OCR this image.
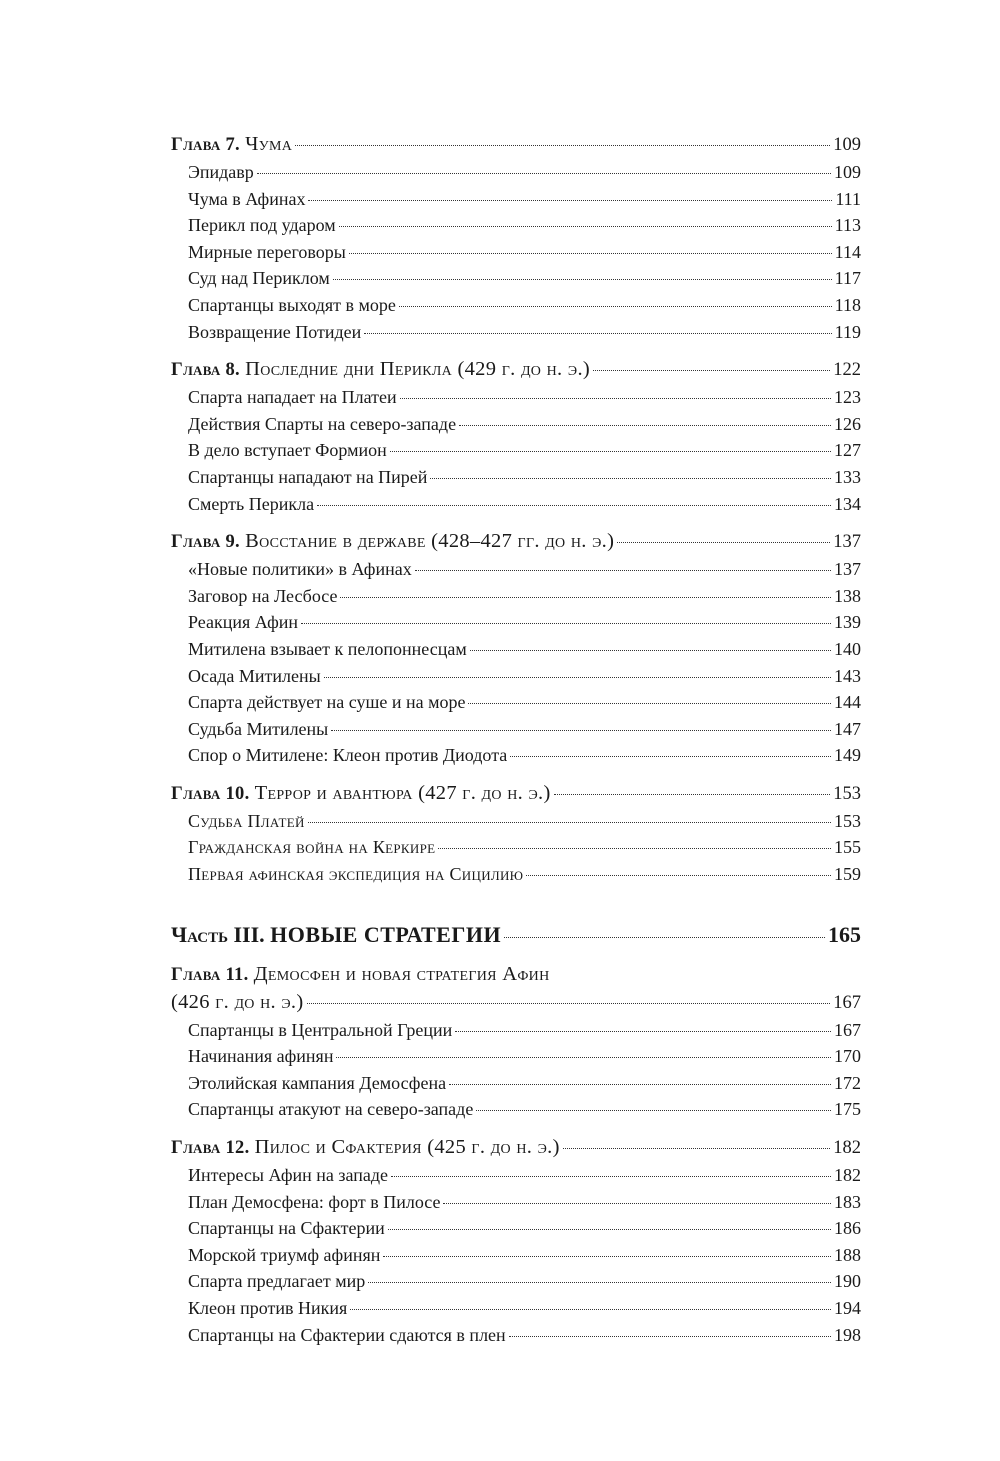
Глава 7. Чума	109
Эпидавр	109
Чума в Афинах	111
Перикл под ударом	113
Мирные переговоры	114
Суд над Периклом	117
Спартанцы выходят в море	118
Возвращение Потидеи	119
Глава 8. Последние дни Перикла (429 г. до н. э.)	122
Спарта нападает на Платеи	123
Действия Спарты на северо-западе	126
В дело вступает Формион	127
Спартанцы нападают на Пирей	133
Смерть Перикла	134
Глава 9. Восстание в державе (428–427 гг. до н. э.)	137
«Новые политики» в Афинах	137
Заговор на Лесбосе	138
Реакция Афин	139
Митилена взывает к пелопоннесцам	140
Осада Митилены	143
Спарта действует на суше и на море	144
Судьба Митилены	147
Спор о Митилене: Клеон против Диодота	149
Глава 10. Террор и авантюра (427 г. до н. э.)	153
Судьба Платей	153
Гражданская война на Керкире	155
Первая афинская экспедиция на Сицилию	159
Часть III. НОВЫЕ СТРАТЕГИИ	165
Глава 11. Демосфен и новая стратегия Афин
(426 г. до н. э.)	167
Спартанцы в Центральной Греции	167
Начинания афинян	170
Этолийская кампания Демосфена	172
Спартанцы атакуют на северо-западе	175
Глава 12. Пилос и Сфактерия (425 г. до н. э.)	182
Интересы Афин на западе	182
План Демосфена: форт в Пилосе	183
Спартанцы на Сфактерии	186
Морской триумф афинян	188
Спарта предлагает мир	190
Клеон против Никия	194
Спартанцы на Сфактерии сдаются в плен	198
